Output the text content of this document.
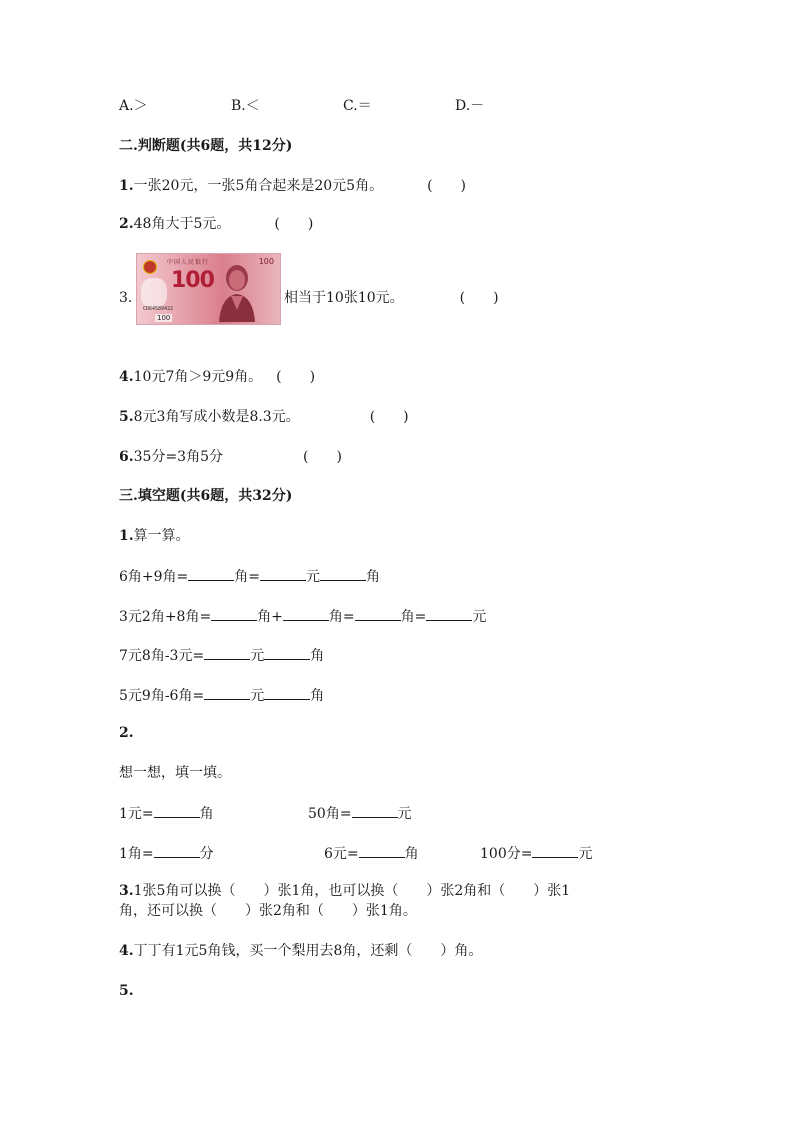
A.＞	B.＜	C.＝	D.－
二.判断题(共6题，共12分)
1.一张20元，一张5角合起来是20元5角。	(　　)
2.48角大于5元。	(　　)
中国人民银行	100
100
CD64589422
100
3.	相当于10张10元。	(　　)
4.10元7角＞9元9角。 (　　)
5.8元3角写成小数是8.3元。	(　　)
6.35分=3角5分	(　　)
三.填空题(共6题，共32分)
1.算一算。
6角+9角=	角=	元	角
3元2角+8角=	角+	角=	角=	元
7元8角-3元=	元	角
5元9角-6角=	元	角
2.
想一想，填一填。
1元=	角	50角=	元
1角=	分	6元=	角	100分=	元
3.1张5角可以换（　　）张1角，也可以换（　　）张2角和（　　）张1
角，还可以换（　　）张2角和（　　）张1角。
4.丁丁有1元5角钱，买一个梨用去8角，还剩（　　）角。
5.
